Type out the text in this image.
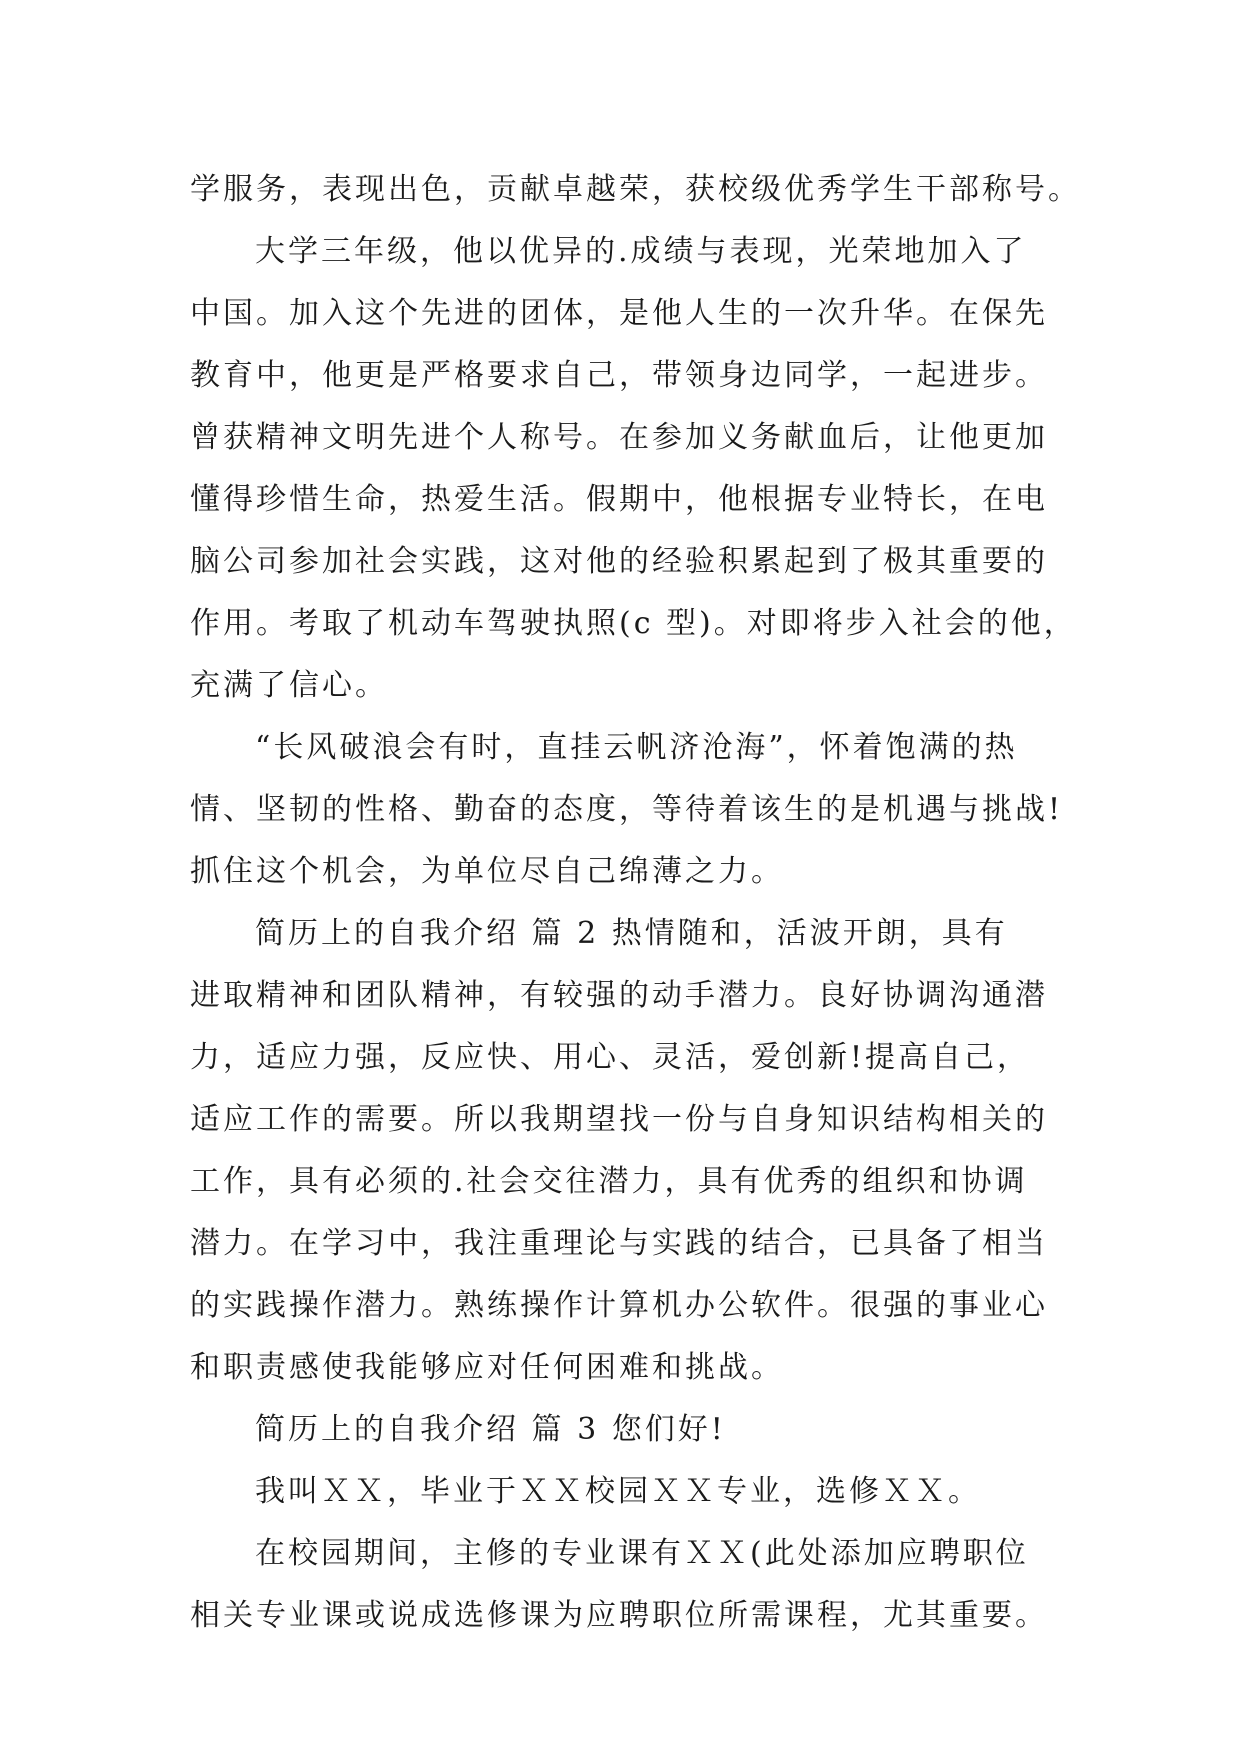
学服务，表现出色，贡献卓越荣，获校级优秀学生干部称号。
大学三年级，他以优异的.成绩与表现，光荣地加入了
中国。加入这个先进的团体，是他人生的一次升华。在保先
教育中，他更是严格要求自己，带领身边同学，一起进步。
曾获精神文明先进个人称号。在参加义务献血后，让他更加
懂得珍惜生命，热爱生活。假期中，他根据专业特长，在电
脑公司参加社会实践，这对他的经验积累起到了极其重要的
作用。考取了机动车驾驶执照(c 型)。对即将步入社会的他，
充满了信心。
“长风破浪会有时，直挂云帆济沧海”，怀着饱满的热
情、坚韧的性格、勤奋的态度，等待着该生的是机遇与挑战!
抓住这个机会，为单位尽自己绵薄之力。
简历上的自我介绍 篇 2 热情随和，活波开朗，具有
进取精神和团队精神，有较强的动手潜力。良好协调沟通潜
力，适应力强，反应快、用心、灵活，爱创新!提高自己，
适应工作的需要。所以我期望找一份与自身知识结构相关的
工作，具有必须的.社会交往潜力，具有优秀的组织和协调
潜力。在学习中，我注重理论与实践的结合，已具备了相当
的实践操作潜力。熟练操作计算机办公软件。很强的事业心
和职责感使我能够应对任何困难和挑战。
简历上的自我介绍 篇 3 您们好!
我叫ＸＸ，毕业于ＸＸ校园ＸＸ专业，选修ＸＸ。
在校园期间，主修的专业课有ＸＸ(此处添加应聘职位
相关专业课或说成选修课为应聘职位所需课程，尤其重要。
